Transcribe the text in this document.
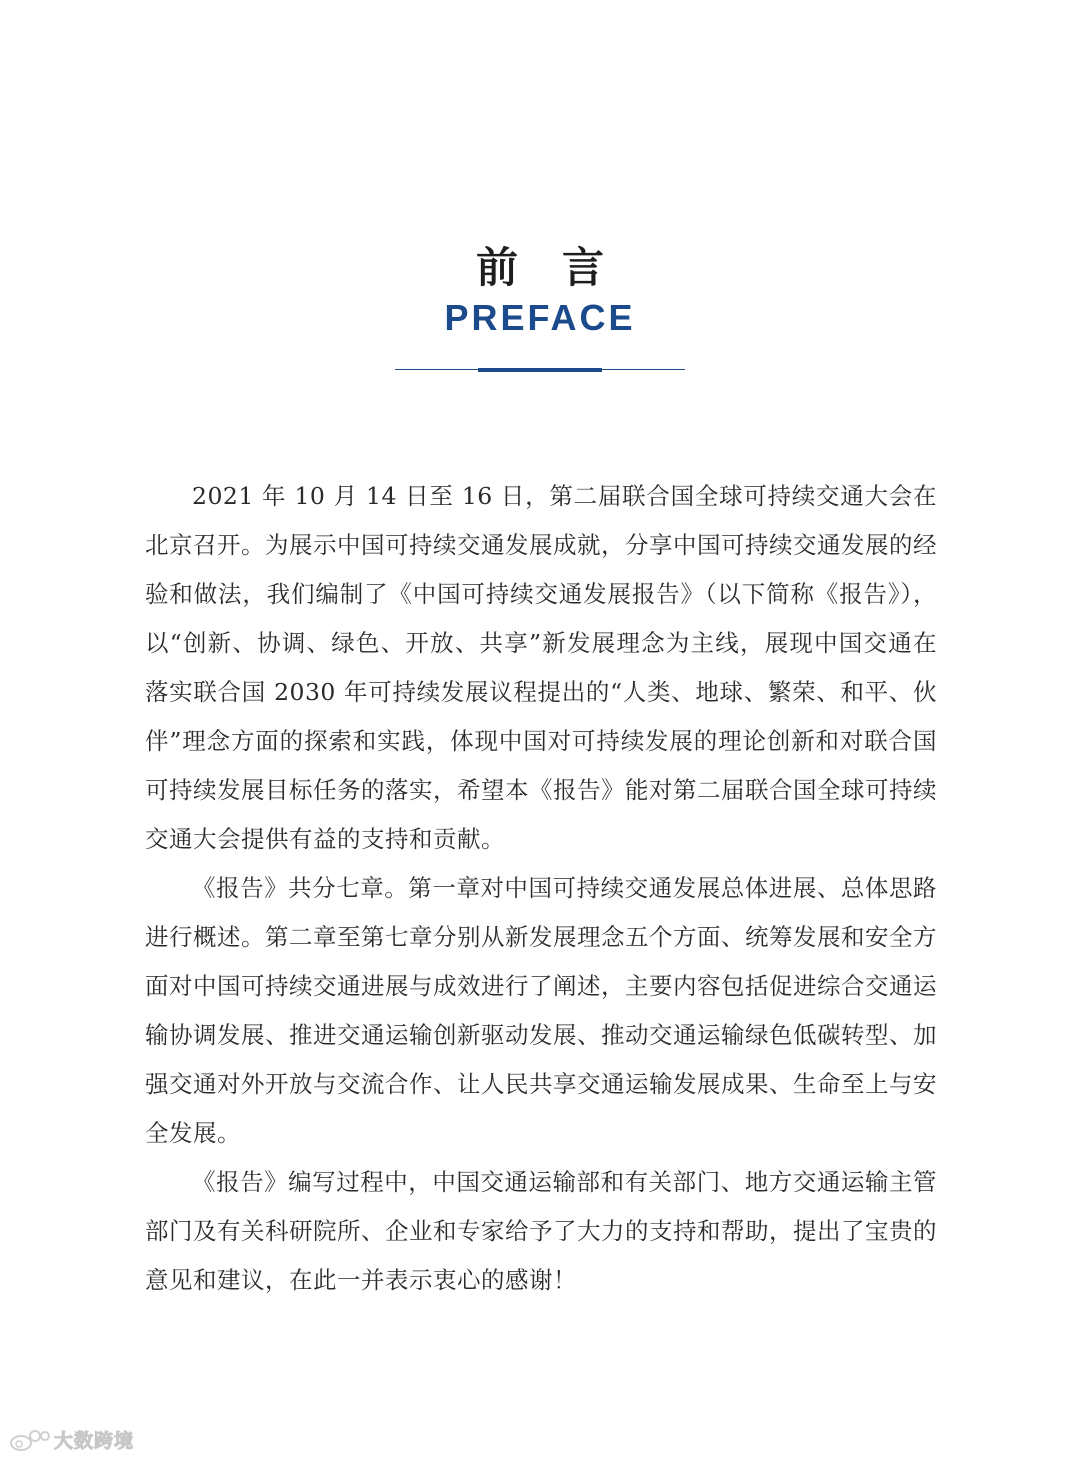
前言
PREFACE

2021 年 10 月 14 日至 16 日，第二届联合国全球可持续交通大会在北京召开。为展示中国可持续交通发展成就，分享中国可持续交通发展的经验和做法，我们编制了《中国可持续交通发展报告》（以下简称《报告》），以“创新、协调、绿色、开放、共享”新发展理念为主线，展现中国交通在落实联合国 2030 年可持续发展议程提出的“人类、地球、繁荣、和平、伙伴”理念方面的探索和实践，体现中国对可持续发展的理论创新和对联合国可持续发展目标任务的落实，希望本《报告》能对第二届联合国全球可持续交通大会提供有益的支持和贡献。

《报告》共分七章。第一章对中国可持续交通发展总体进展、总体思路进行概述。第二章至第七章分别从新发展理念五个方面、统筹发展和安全方面对中国可持续交通进展与成效进行了阐述，主要内容包括促进综合交通运输协调发展、推进交通运输创新驱动发展、推动交通运输绿色低碳转型、加强交通对外开放与交流合作、让人民共享交通运输发展成果、生命至上与安全发展。

《报告》编写过程中，中国交通运输部和有关部门、地方交通运输主管部门及有关科研院所、企业和专家给予了大力的支持和帮助，提出了宝贵的意见和建议，在此一并表示衷心的感谢！

大数跨境
